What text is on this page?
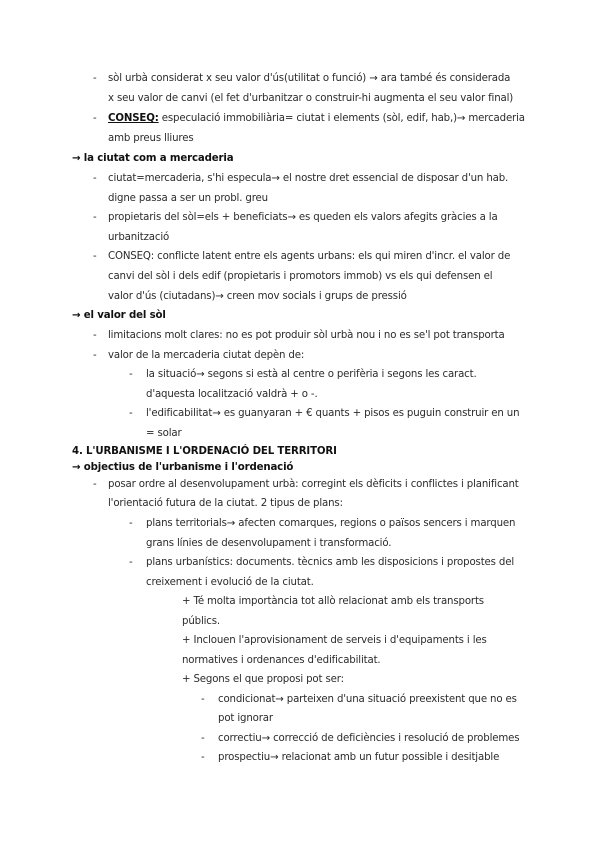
- sòl urbà considerat x seu valor d'ús(utilitat o funció) → ara també és considerada
x seu valor de canvi (el fet d'urbanitzar o construir-hi augmenta el seu valor final)
- CONSEQ: especulació immobiliària= ciutat i elements (sòl, edif, hab,)→ mercaderia
amb preus lliures
→ la ciutat com a mercaderia
- ciutat=mercaderia, s'hi especula→ el nostre dret essencial de disposar d'un hab.
digne passa a ser un probl. greu
- propietaris del sòl=els + beneficiats→ es queden els valors afegits gràcies a la
urbanització
- CONSEQ: conflicte latent entre els agents urbans: els qui miren d'incr. el valor de
canvi del sòl i dels edif (propietaris i promotors immob) vs els qui defensen el
valor d'ús (ciutadans)→ creen mov socials i grups de pressió
→ el valor del sòl
- limitacions molt clares: no es pot produir sòl urbà nou i no es se'l pot transporta
- valor de la mercaderia ciutat depèn de:
- la situació→ segons si està al centre o perifèria i segons les caract.
d'aquesta localització valdrà + o -.
- l'edificabilitat→ es guanyaran + € quants + pisos es puguin construir en un
= solar
4. L'URBANISME I L'ORDENACIÓ DEL TERRITORI
→ objectius de l'urbanisme i l'ordenació
- posar ordre al desenvolupament urbà: corregint els dèficits i conflictes i planificant
l'orientació futura de la ciutat. 2 tipus de plans:
- plans territorials→ afecten comarques, regions o països sencers i marquen
grans línies de desenvolupament i transformació.
- plans urbanístics: documents. tècnics amb les disposicions i propostes del
creixement i evolució de la ciutat.
+ Té molta importància tot allò relacionat amb els transports
públics.
+ Inclouen l'aprovisionament de serveis i d'equipaments i les
normatives i ordenances d'edificabilitat.
+ Segons el que proposi pot ser:
- condicionat→ parteixen d'una situació preexistent que no es
pot ignorar
- correctiu→ correcció de deficiències i resolució de problemes
- prospectiu→ relacionat amb un futur possible i desitjable
